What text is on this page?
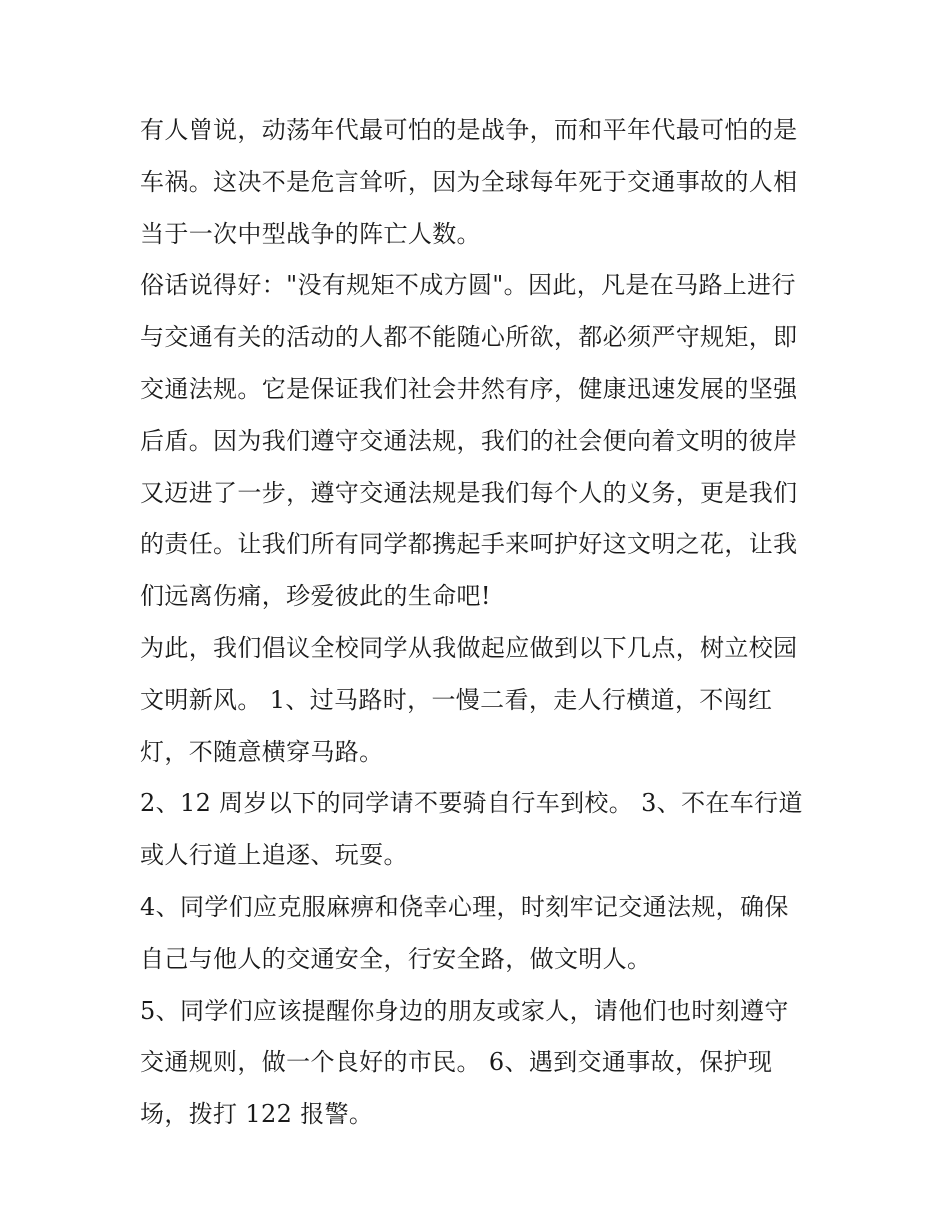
有人曾说，动荡年代最可怕的是战争，而和平年代最可怕的是
车祸。这决不是危言耸听，因为全球每年死于交通事故的人相
当于一次中型战争的阵亡人数。
俗话说得好："没有规矩不成方圆"。因此，凡是在马路上进行
与交通有关的活动的人都不能随心所欲，都必须严守规矩，即
交通法规。它是保证我们社会井然有序，健康迅速发展的坚强
后盾。因为我们遵守交通法规，我们的社会便向着文明的彼岸
又迈进了一步，遵守交通法规是我们每个人的义务，更是我们
的责任。让我们所有同学都携起手来呵护好这文明之花，让我
们远离伤痛，珍爱彼此的生命吧!
为此，我们倡议全校同学从我做起应做到以下几点，树立校园
文明新风。 1、过马路时，一慢二看，走人行横道，不闯红
灯，不随意横穿马路。
2、12 周岁以下的同学请不要骑自行车到校。 3、不在车行道
或人行道上追逐、玩耍。
4、同学们应克服麻痹和侥幸心理，时刻牢记交通法规，确保
自己与他人的交通安全，行安全路，做文明人。
5、同学们应该提醒你身边的朋友或家人，请他们也时刻遵守
交通规则，做一个良好的市民。 6、遇到交通事故，保护现
场，拨打 122 报警。
